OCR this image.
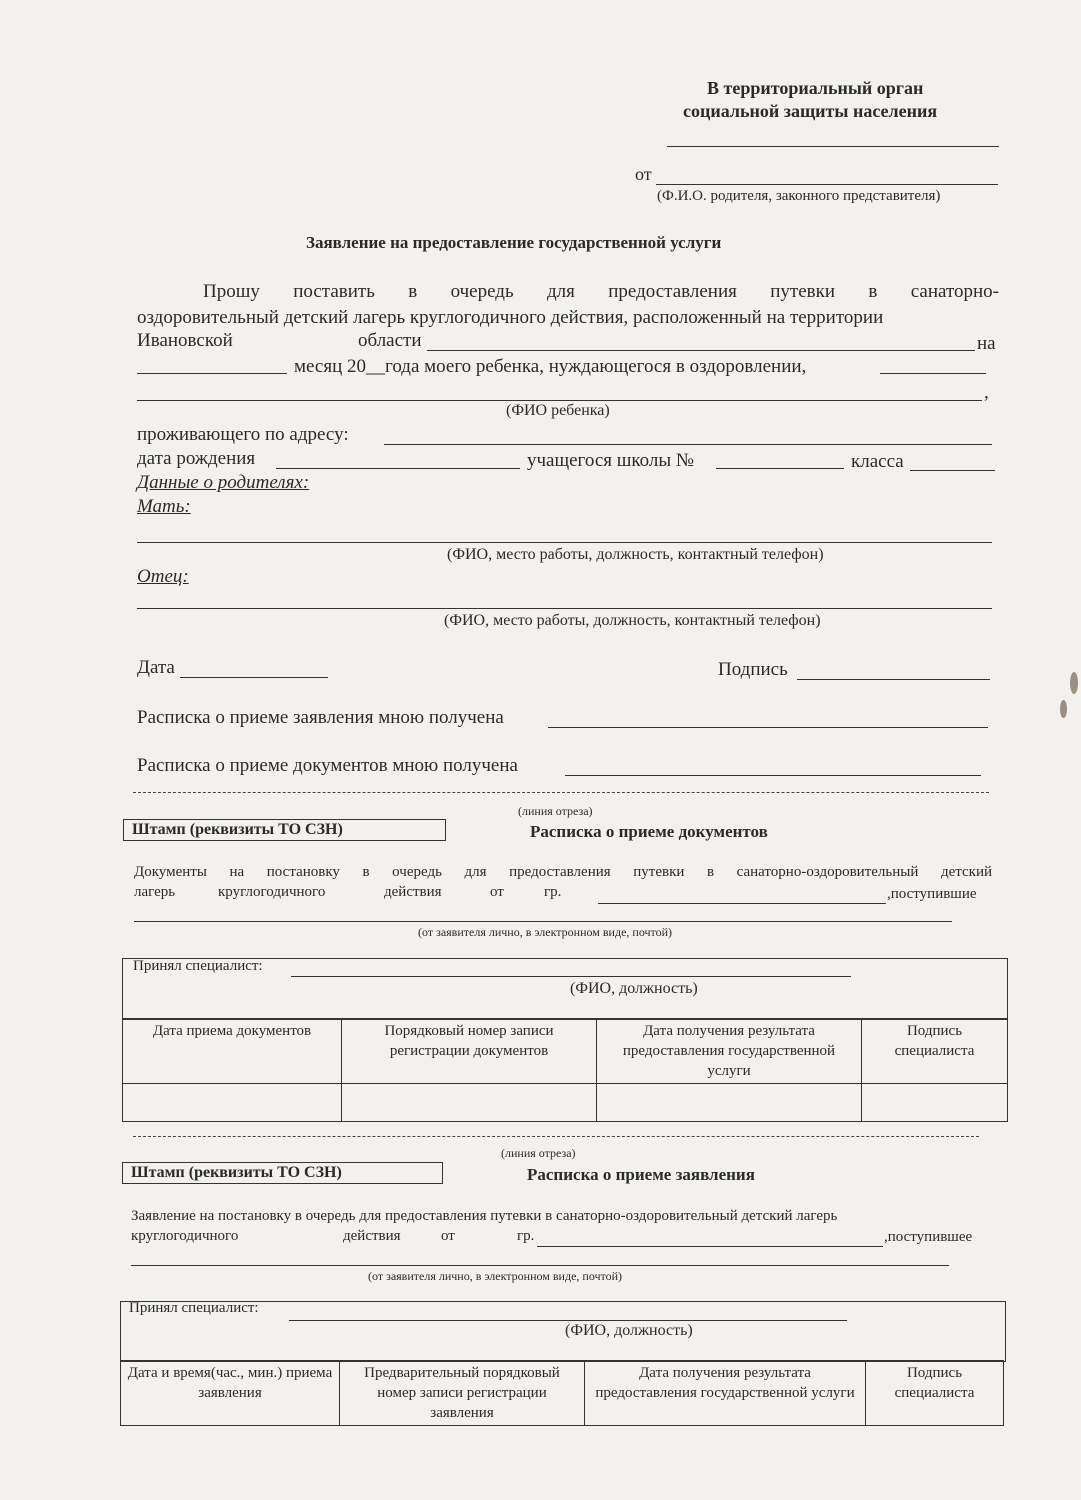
В территориальный орган
социальной защиты населения
от
(Ф.И.О. родителя, законного представителя)
Заявление на предоставление государственной услуги
Прошу поставить в очередь для предоставления путевки в санаторно-
оздоровительный детский лагерь круглогодичного действия, расположенный на территории
Ивановской	области	на
месяц 20__года моего ребенка, нуждающегося в оздоровлении,
,
(ФИО ребенка)
проживающего по адресу:
дата рождения	учащегося школы №	класса
Данные о родителях:
Мать:
(ФИО, место работы, должность, контактный телефон)
Отец:
(ФИО, место работы, должность, контактный телефон)
Дата	Подпись
Расписка о приеме заявления мною получена
Расписка о приеме документов мною получена
(линия отреза)
Штамп (реквизиты ТО СЗН)	Расписка о приеме документов
Документы на постановку в очередь для предоставления путевки в санаторно-оздоровительный детский
лагерь	круглогодичного	действия	от	гр.	,поступившие
(от заявителя лично, в электронном виде, почтой)
Принял специалист:
(ФИО, должность)
Дата приема документов	Порядковый номер записи регистрации документов	Дата получения результата предоставления государственной услуги	Подпись специалиста

(линия отреза)
Штамп (реквизиты ТО СЗН)	Расписка о приеме заявления
Заявление на постановку в очередь для предоставления путевки в санаторно-оздоровительный детский лагерь
круглогодичного	действия	от	гр.	,поступившее
(от заявителя лично, в электронном виде, почтой)
Принял специалист:
(ФИО, должность)
Дата и время(час., мин.) приема заявления	Предварительный порядковый номер записи регистрации заявления	Дата получения результата предоставления государственной услуги	Подпись специалиста
